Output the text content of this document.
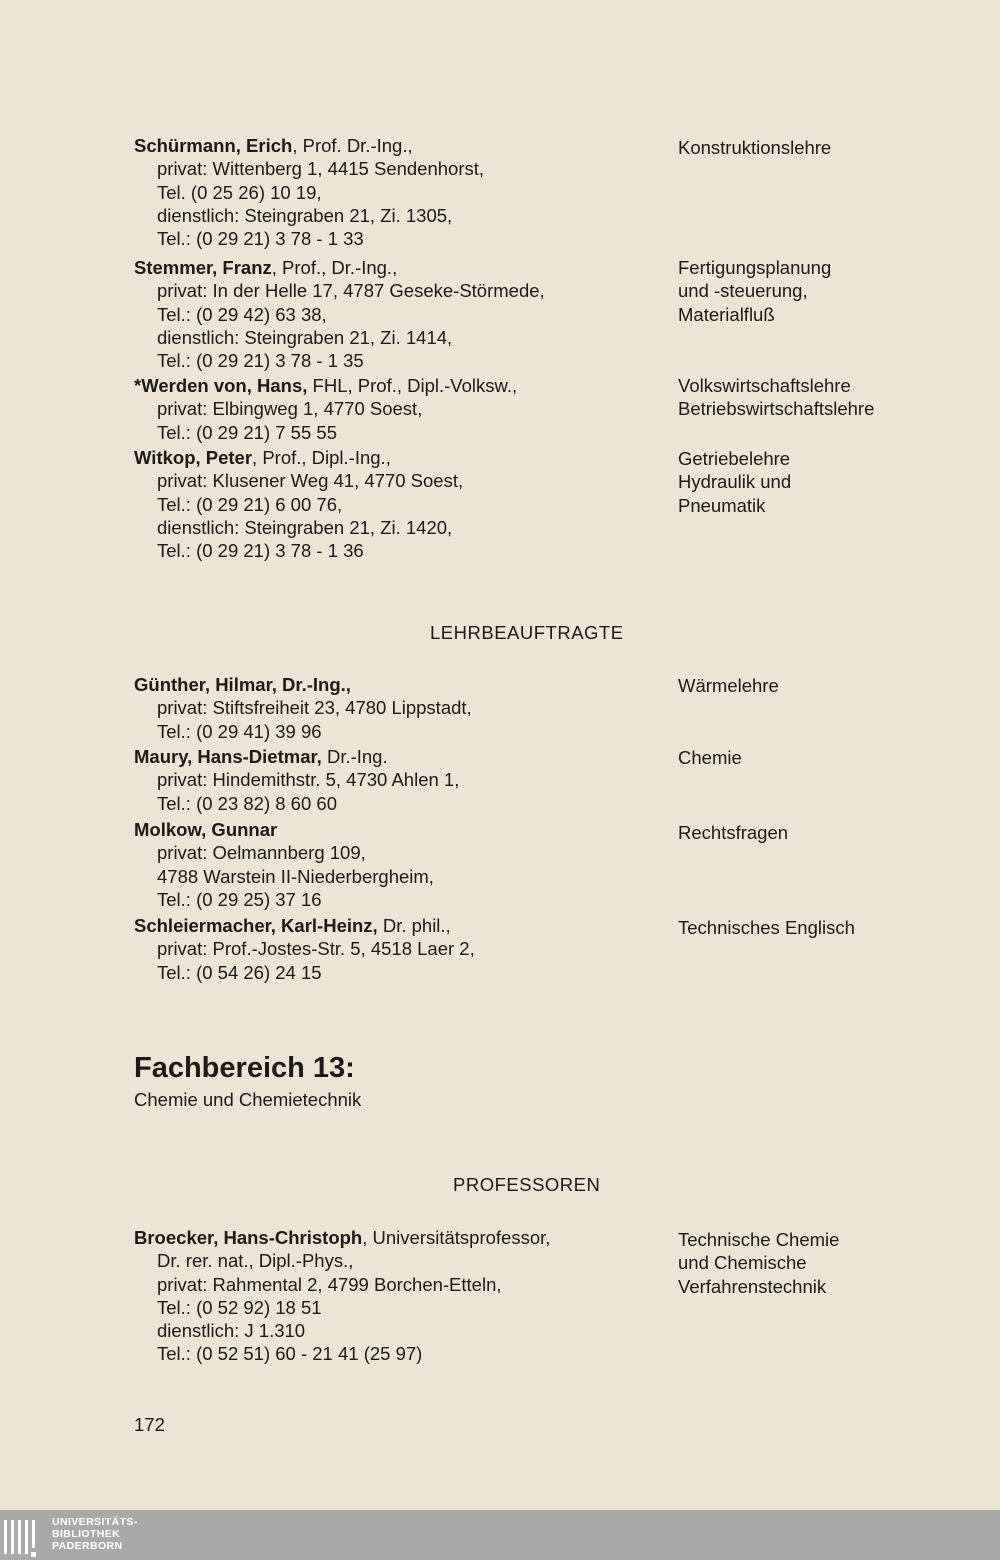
Schürmann, Erich, Prof. Dr.-Ing.,
privat: Wittenberg 1, 4415 Sendenhorst,
Tel. (0 25 26) 10 19,
dienstlich: Steingraben 21, Zi. 1305,
Tel.: (0 29 21) 3 78 - 1 33
Konstruktionslehre
Stemmer, Franz, Prof., Dr.-Ing.,
privat: In der Helle 17, 4787 Geseke-Störmede,
Tel.: (0 29 42) 63 38,
dienstlich: Steingraben 21, Zi. 1414,
Tel.: (0 29 21) 3 78 - 1 35
Fertigungsplanung
und -steuerung,
Materialfluß
*Werden von, Hans, FHL, Prof., Dipl.-Volksw.,
privat: Elbingweg 1, 4770 Soest,
Tel.: (0 29 21) 7 55 55
Volkswirtschaftslehre
Betriebswirtschaftslehre
Witkop, Peter, Prof., Dipl.-Ing.,
privat: Klusener Weg 41, 4770 Soest,
Tel.: (0 29 21) 6 00 76,
dienstlich: Steingraben 21, Zi. 1420,
Tel.: (0 29 21) 3 78 - 1 36
Getriebelehre
Hydraulik und
Pneumatik
LEHRBEAUFTRAGTE
Günther, Hilmar, Dr.-Ing.,
privat: Stiftsfreiheit 23, 4780 Lippstadt,
Tel.: (0 29 41) 39 96
Wärmelehre
Maury, Hans-Dietmar, Dr.-Ing.
privat: Hindemithstr. 5, 4730 Ahlen 1,
Tel.: (0 23 82) 8 60 60
Chemie
Molkow, Gunnar
privat: Oelmannberg 109,
4788 Warstein II-Niederbergheim,
Tel.: (0 29 25) 37 16
Rechtsfragen
Schleiermacher, Karl-Heinz, Dr. phil.,
privat: Prof.-Jostes-Str. 5, 4518 Laer 2,
Tel.: (0 54 26) 24 15
Technisches Englisch
Fachbereich 13:
Chemie und Chemietechnik
PROFESSOREN
Broecker, Hans-Christoph, Universitätsprofessor,
Dr. rer. nat., Dipl.-Phys.,
privat: Rahmental 2, 4799 Borchen-Etteln,
Tel.: (0 52 92) 18 51
dienstlich: J 1.310
Tel.: (0 52 51) 60 - 21 41 (25 97)
Technische Chemie
und Chemische
Verfahrenstechnik
172
UNIVERSITÄTS-
BIBLIOTHEK
PADERBORN
